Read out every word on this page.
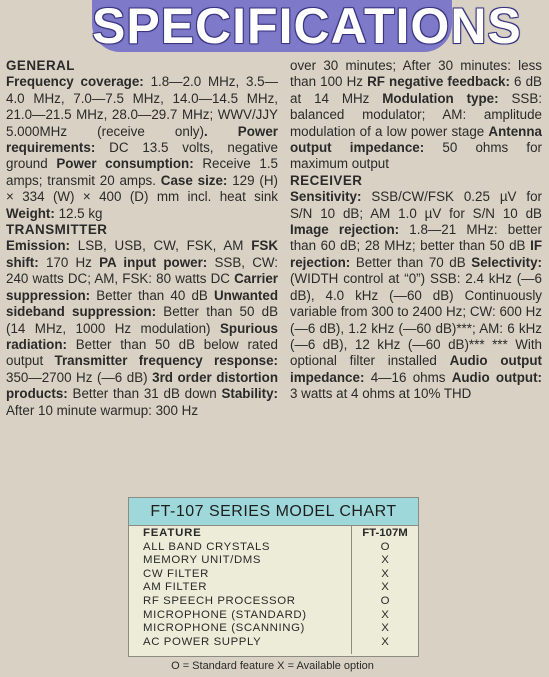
SPECIFICATIONS
GENERAL

Frequency coverage: 1.8—2.0 MHz, 3.5—4.0 MHz, 7.0—7.5 MHz, 14.0—14.5 MHz, 21.0—21.5 MHz, 28.0—29.7 MHz; WWV/JJY 5.000MHz (receive only). Power requirements: DC 13.5 volts, negative ground Power consumption: Receive 1.5 amps; transmit 20 amps. Case size: 129 (H) × 334 (W) × 400 (D) mm incl. heat sink Weight: 12.5 kg

TRANSMITTER

Emission: LSB, USB, CW, FSK, AM FSK shift: 170 Hz PA input power: SSB, CW: 240 watts DC; AM, FSK: 80 watts DC Carrier suppression: Better than 40 dB Unwanted sideband suppression: Better than 50 dB (14 MHz, 1000 Hz modulation) Spurious radiation: Better than 50 dB below rated output Transmitter frequency response: 350—2700 Hz (—6 dB) 3rd order distortion products: Better than 31 dB down Stability: After 10 minute warmup: 300 Hz

over 30 minutes; After 30 minutes: less than 100 Hz RF negative feedback: 6 dB at 14 MHz Modulation type: SSB: balanced modulator; AM: amplitude modulation of a low power stage Antenna output impedance: 50 ohms for maximum output

RECEIVER

Sensitivity: SSB/CW/FSK 0.25 µV for S/N 10 dB; AM 1.0 µV for S/N 10 dB Image rejection: 1.8—21 MHz: better than 60 dB; 28 MHz; better than 50 dB IF rejection: Better than 70 dB Selectivity: (WIDTH control at “0”) SSB: 2.4 kHz (—6 dB), 4.0 kHz (—60 dB) Continuously variable from 300 to 2400 Hz; CW: 600 Hz (—6 dB), 1.2 kHz (—60 dB)***; AM: 6 kHz (—6 dB), 12 kHz (—60 dB)*** *** With optional filter installed Audio output impedance: 4—16 ohms Audio output: 3 watts at 4 ohms at 10% THD

FT-107 SERIES MODEL CHART
FEATURE
ALL BAND CRYSTALS
MEMORY UNIT/DMS
CW FILTER
AM FILTER
RF SPEECH PROCESSOR
MICROPHONE (STANDARD)
MICROPHONE (SCANNING)
AC POWER SUPPLY
FT-107M
O
X
X
X
O
X
X
X
O = Standard feature X = Available option
